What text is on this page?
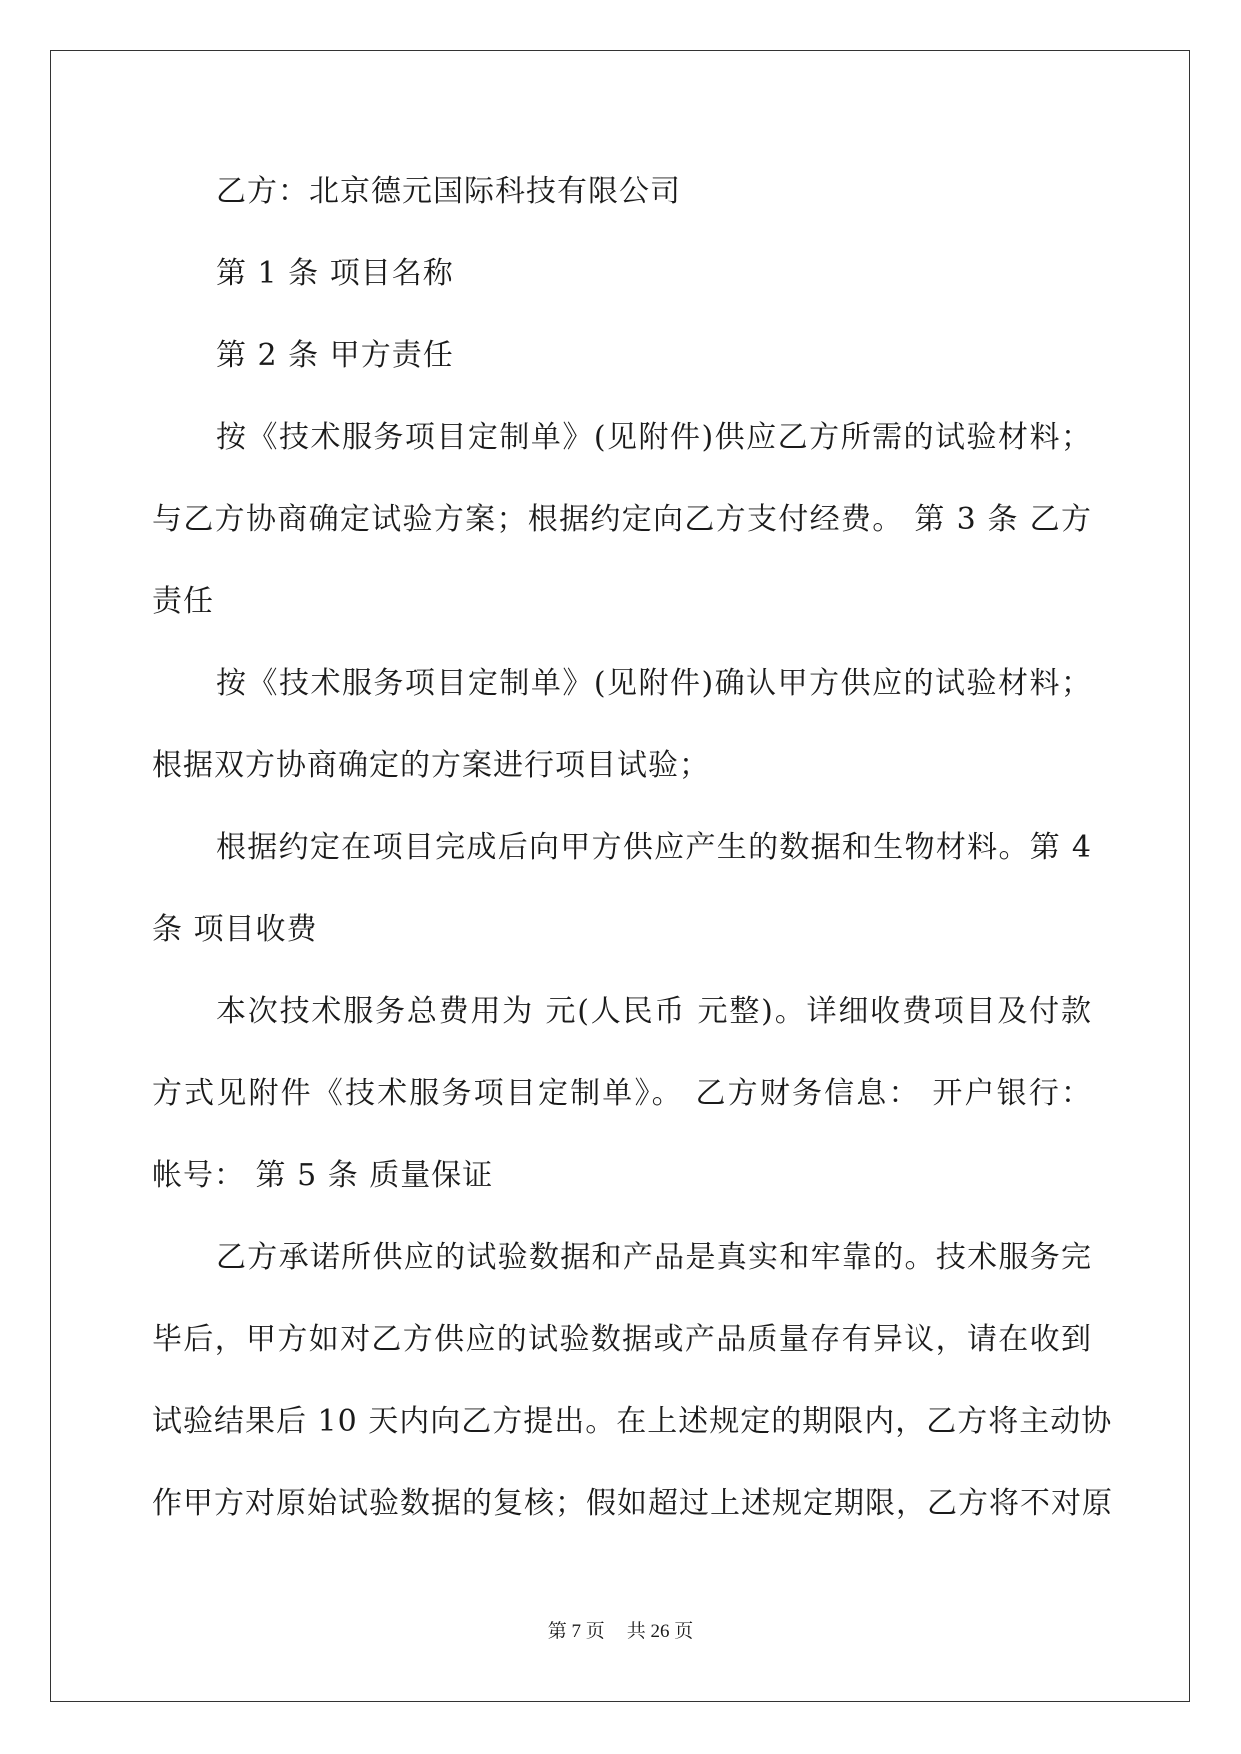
乙方：北京德元国际科技有限公司
第 1 条 项目名称
第 2 条 甲方责任
按《技术服务项目定制单》(见附件)供应乙方所需的试验材料；
与乙方协商确定试验方案；根据约定向乙方支付经费。 第 3 条 乙方
责任
按《技术服务项目定制单》(见附件)确认甲方供应的试验材料；
根据双方协商确定的方案进行项目试验；
根据约定在项目完成后向甲方供应产生的数据和生物材料。第 4
条 项目收费
本次技术服务总费用为 元(人民币 元整)。详细收费项目及付款
方式见附件《技术服务项目定制单》。 乙方财务信息： 开户银行：
帐号： 第 5 条 质量保证
乙方承诺所供应的试验数据和产品是真实和牢靠的。技术服务完
毕后，甲方如对乙方供应的试验数据或产品质量存有异议，请在收到
试验结果后 10 天内向乙方提出。在上述规定的期限内，乙方将主动协
作甲方对原始试验数据的复核；假如超过上述规定期限，乙方将不对原
第 7 页 共 26 页
